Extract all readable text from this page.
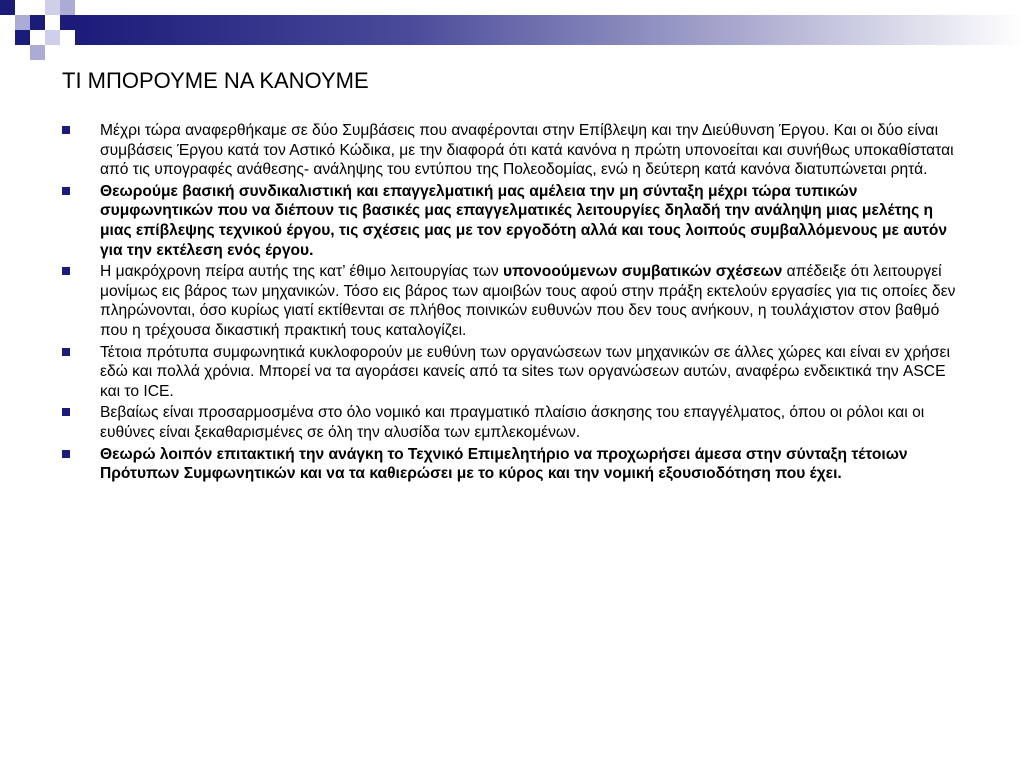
ΤΙ ΜΠΟΡΟΥΜΕ ΝΑ ΚΑΝΟΥΜΕ
Μέχρι τώρα αναφερθήκαμε σε δύο Συμβάσεις που αναφέρονται στην Επίβλεψη και την Διεύθυνση Έργου. Και οι δύο είναι συμβάσεις Έργου κατά τον Αστικό Κώδικα, με την διαφορά ότι κατά κανόνα η πρώτη υπονοείται και συνήθως υποκαθίσταται από τις υπογραφές ανάθεσης- ανάληψης του εντύπου της Πολεοδομίας, ενώ η δεύτερη κατά κανόνα διατυπώνεται ρητά.
Θεωρούμε βασική συνδικαλιστική και επαγγελματική μας αμέλεια την μη σύνταξη μέχρι τώρα τυπικών συμφωνητικών που να διέπουν τις βασικές μας επαγγελματικές λειτουργίες δηλαδή την ανάληψη μιας μελέτης η μιας επίβλεψης τεχνικού έργου, τις σχέσεις μας με τον εργοδότη αλλά και τους λοιπούς συμβαλλόμενους με αυτόν για την εκτέλεση ενός έργου.
Η μακρόχρονη πείρα αυτής της κατ’ έθιμο λειτουργίας των υπονοούμενων συμβατικών σχέσεων απέδειξε ότι λειτουργεί μονίμως εις βάρος των μηχανικών. Τόσο εις βάρος των αμοιβών τους αφού στην πράξη εκτελούν εργασίες για τις οποίες δεν πληρώνονται, όσο κυρίως γιατί εκτίθενται σε πλήθος ποινικών ευθυνών που δεν τους ανήκουν, η τουλάχιστον στον βαθμό που η τρέχουσα δικαστική πρακτική τους καταλογίζει.
Τέτοια πρότυπα συμφωνητικά κυκλοφορούν με ευθύνη των οργανώσεων των μηχανικών σε άλλες χώρες και είναι εν χρήσει εδώ και πολλά χρόνια. Μπορεί να τα αγοράσει κανείς από τα sites των οργανώσεων αυτών, αναφέρω ενδεικτικά την ASCE και το ICE.
Βεβαίως είναι προσαρμοσμένα στο όλο νομικό και πραγματικό πλαίσιο άσκησης του επαγγέλματος, όπου οι ρόλοι και οι ευθύνες είναι ξεκαθαρισμένες σε όλη την αλυσίδα των εμπλεκομένων.
Θεωρώ λοιπόν επιτακτική την ανάγκη το Τεχνικό Επιμελητήριο να προχωρήσει άμεσα στην σύνταξη τέτοιων Πρότυπων Συμφωνητικών και να τα καθιερώσει με το κύρος και την νομική εξουσιοδότηση που έχει.
